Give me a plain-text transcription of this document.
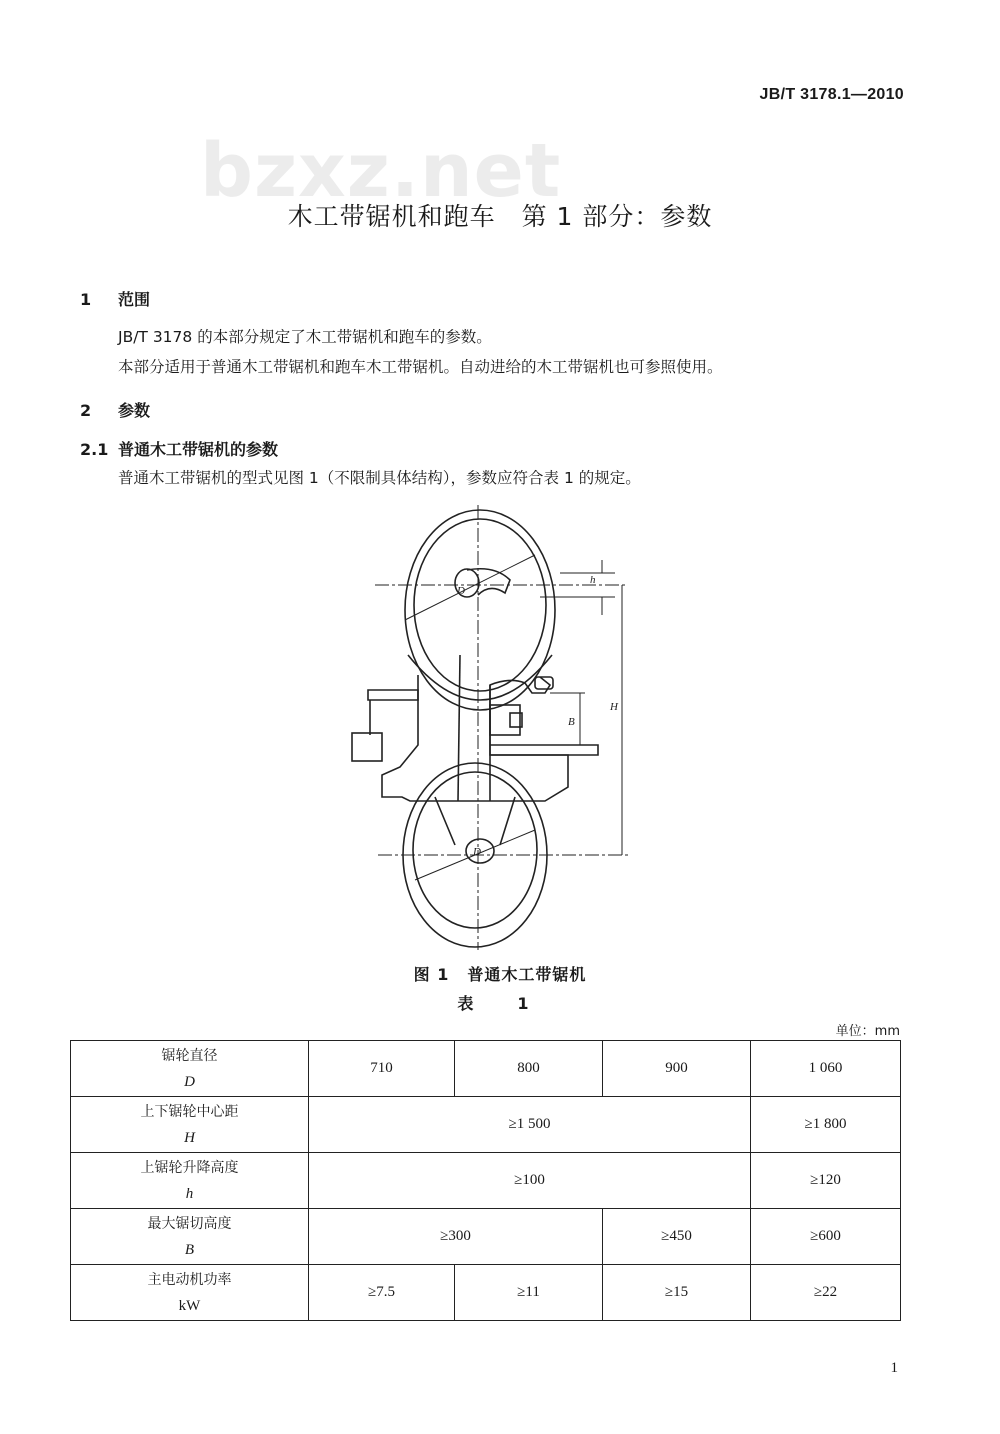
JB/T 3178.1—2010
bzxz.net
木工带锯机和跑车　第 1 部分：参数
1 范围
JB/T 3178 的本部分规定了木工带锯机和跑车的参数。
本部分适用于普通木工带锯机和跑车木工带锯机。自动进给的木工带锯机也可参照使用。
2 参数
2.1 普通木工带锯机的参数
普通木工带锯机的型式见图 1（不限制具体结构），参数应符合表 1 的规定。
h
H
B
D
D
图 1 普通木工带锯机
表　1
单位：mm
锯轮直径
D	710	800	900	1 060
上下锯轮中心距
H	≥1 500			≥1 800
上锯轮升降高度
h	≥100			≥120
最大锯切高度
B	≥300		≥450	≥600
主电动机功率
kW	≥7.5	≥11	≥15	≥22
1
